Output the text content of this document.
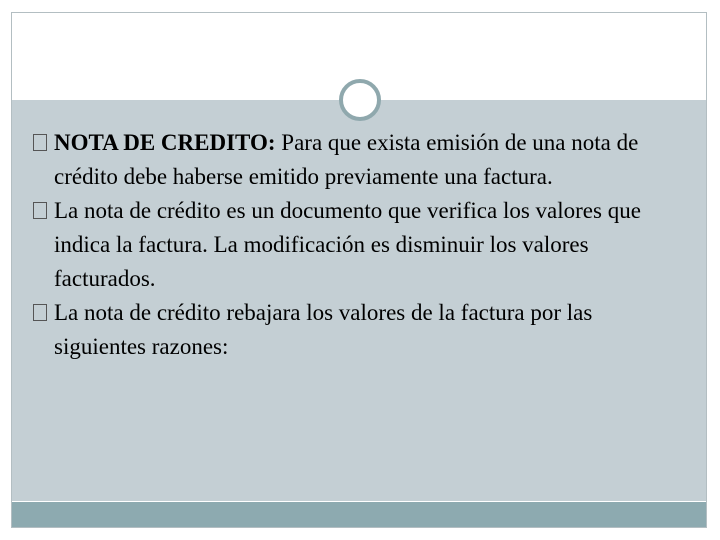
NOTA DE CREDITO: Para que exista emisión de una nota de crédito debe haberse emitido previamente una factura.
La nota de crédito es un documento que verifica los valores que indica la factura. La modificación es disminuir los valores facturados.
La nota de crédito rebajara los valores de la factura por las siguientes razones:
